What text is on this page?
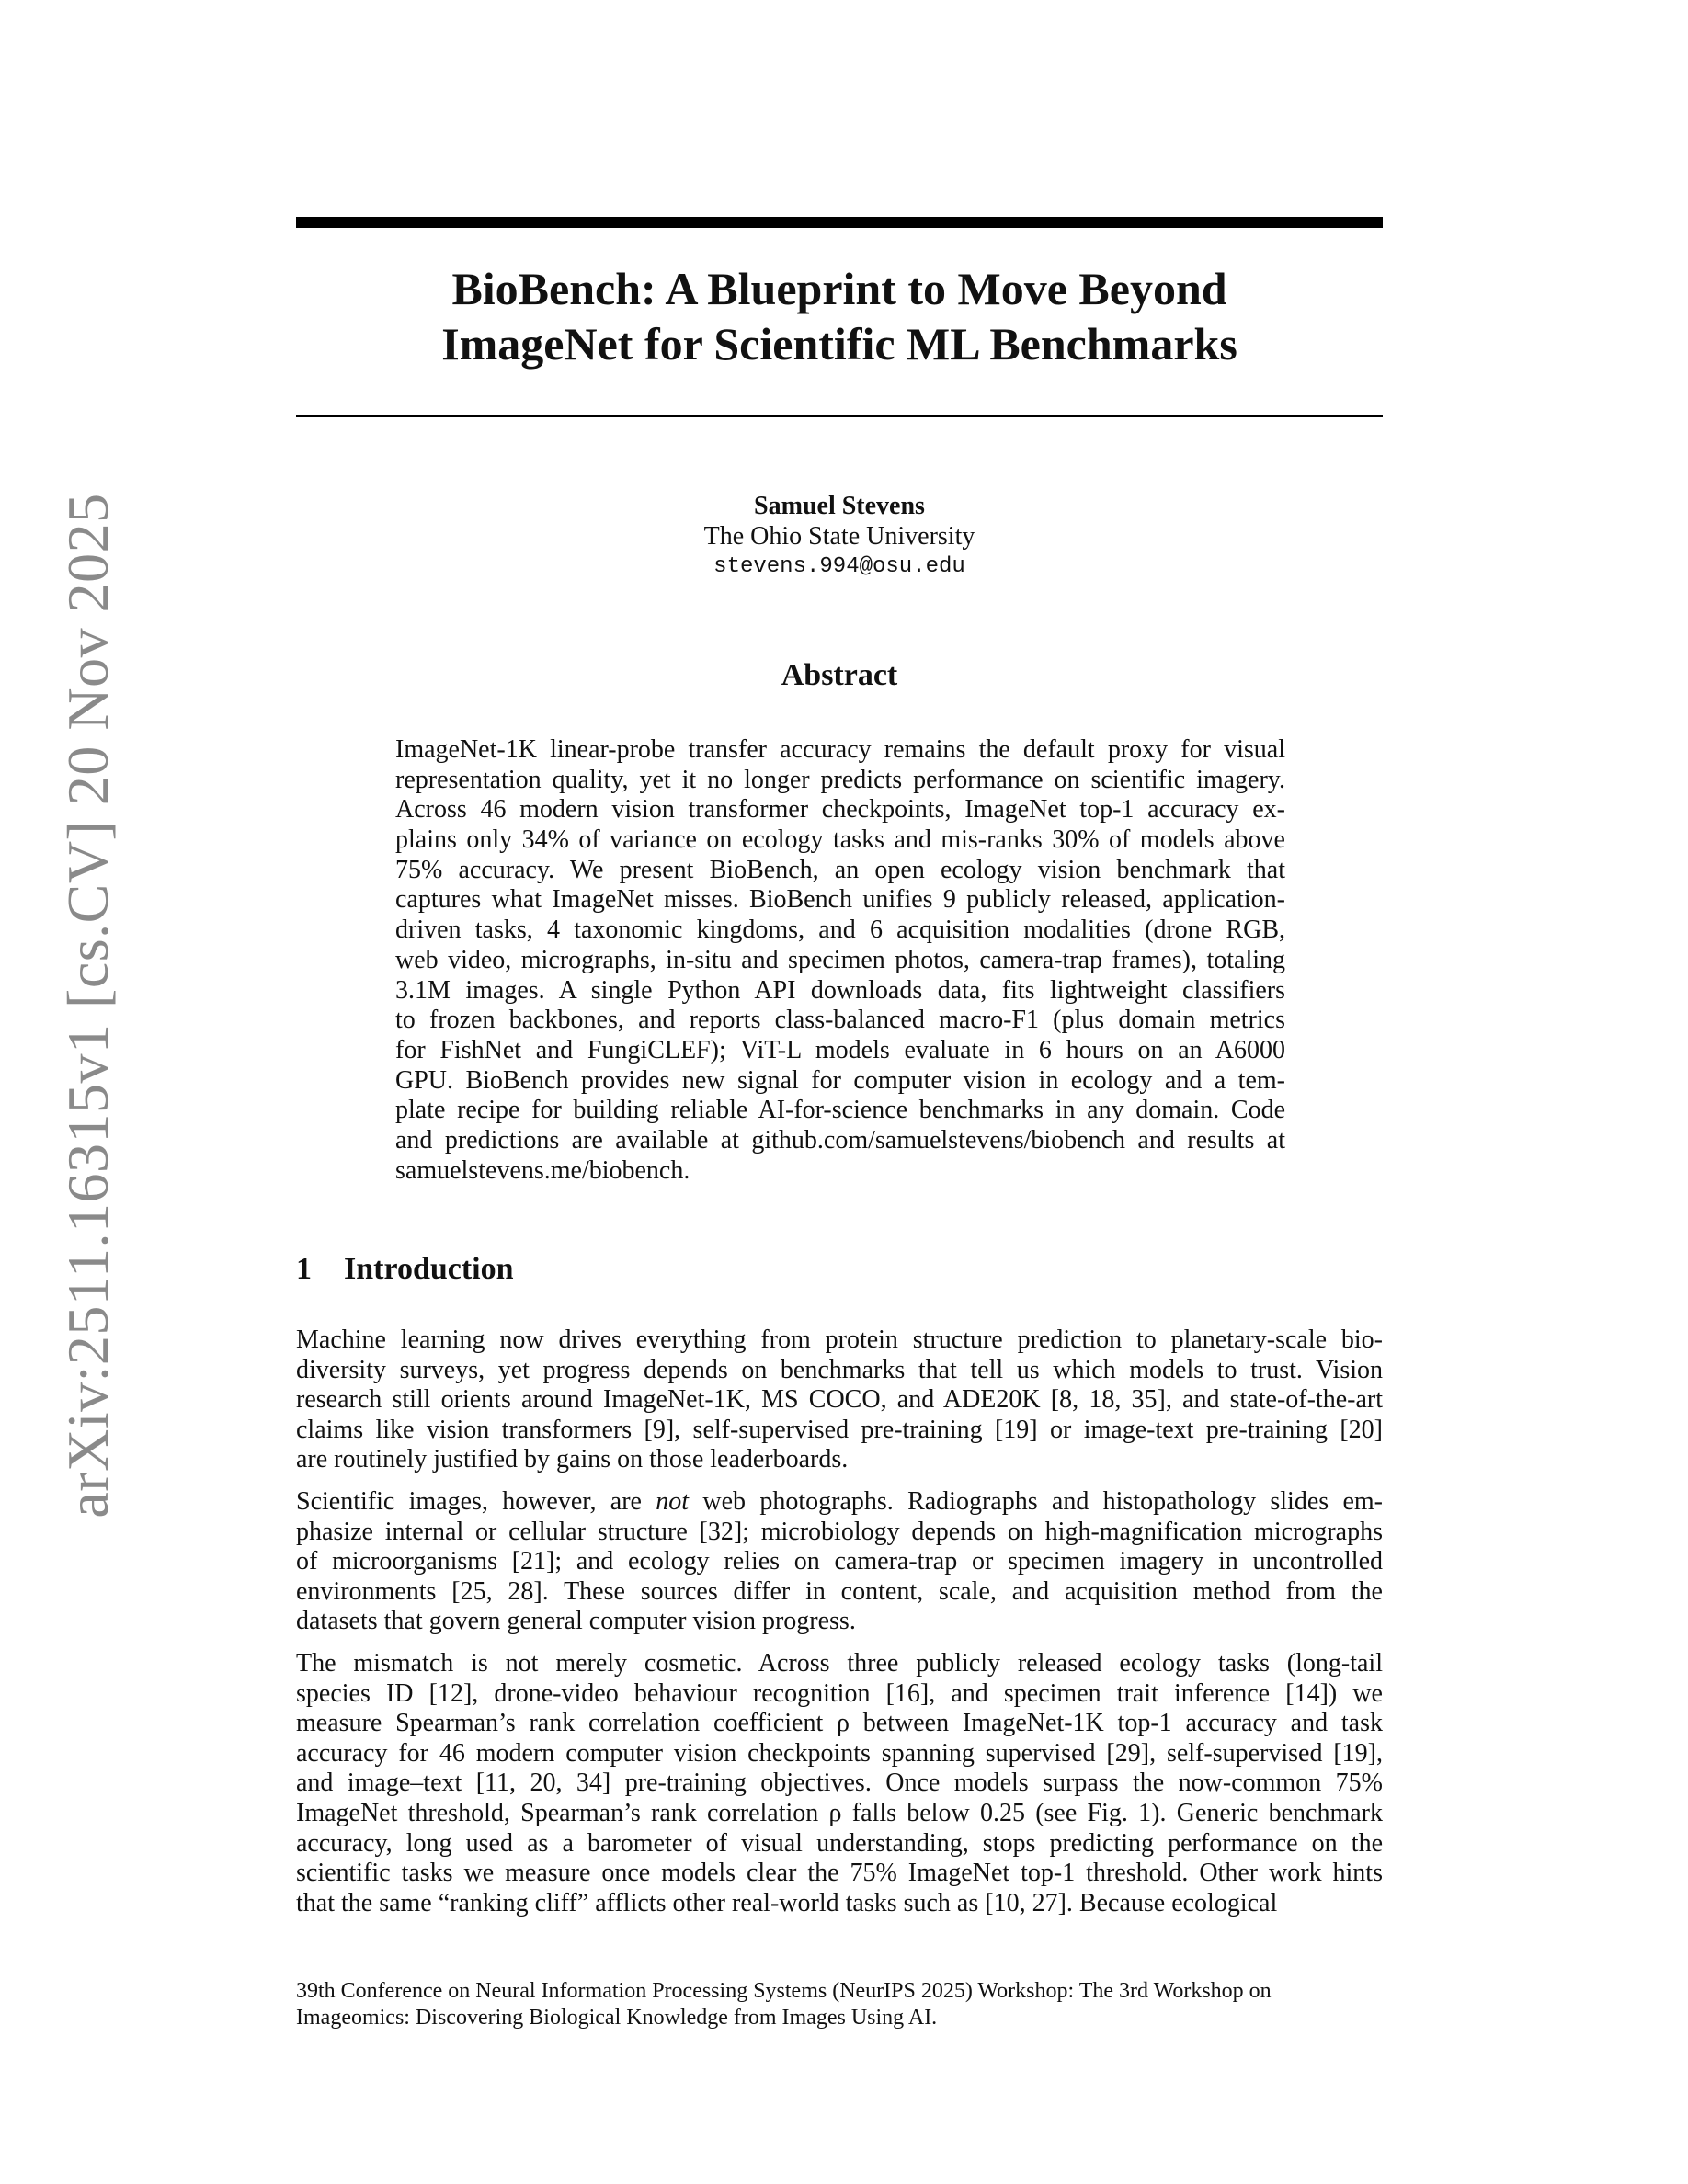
arXiv:2511.16315v1 [cs.CV] 20 Nov 2025
BioBench: A Blueprint to Move Beyond
ImageNet for Scientific ML Benchmarks
Samuel Stevens
The Ohio State University
stevens.994@osu.edu
Abstract
ImageNet-1K linear-probe transfer accuracy remains the default proxy for visual
representation quality, yet it no longer predicts performance on scientific imagery.
Across 46 modern vision transformer checkpoints, ImageNet top-1 accuracy ex-
plains only 34% of variance on ecology tasks and mis-ranks 30% of models above
75% accuracy. We present BioBench, an open ecology vision benchmark that
captures what ImageNet misses. BioBench unifies 9 publicly released, application-
driven tasks, 4 taxonomic kingdoms, and 6 acquisition modalities (drone RGB,
web video, micrographs, in-situ and specimen photos, camera-trap frames), totaling
3.1M images. A single Python API downloads data, fits lightweight classifiers
to frozen backbones, and reports class-balanced macro-F1 (plus domain metrics
for FishNet and FungiCLEF); ViT-L models evaluate in 6 hours on an A6000
GPU. BioBench provides new signal for computer vision in ecology and a tem-
plate recipe for building reliable AI-for-science benchmarks in any domain. Code
and predictions are available at github.com/samuelstevens/biobench and results at
samuelstevens.me/biobench.
1 Introduction
Machine learning now drives everything from protein structure prediction to planetary-scale bio-
diversity surveys, yet progress depends on benchmarks that tell us which models to trust. Vision
research still orients around ImageNet-1K, MS COCO, and ADE20K [8, 18, 35], and state-of-the-art
claims like vision transformers [9], self-supervised pre-training [19] or image-text pre-training [20]
are routinely justified by gains on those leaderboards.
Scientific images, however, are not web photographs. Radiographs and histopathology slides em-
phasize internal or cellular structure [32]; microbiology depends on high-magnification micrographs
of microorganisms [21]; and ecology relies on camera-trap or specimen imagery in uncontrolled
environments [25, 28]. These sources differ in content, scale, and acquisition method from the
datasets that govern general computer vision progress.
The mismatch is not merely cosmetic. Across three publicly released ecology tasks (long-tail
species ID [12], drone-video behaviour recognition [16], and specimen trait inference [14]) we
measure Spearman’s rank correlation coefficient ρ between ImageNet-1K top-1 accuracy and task
accuracy for 46 modern computer vision checkpoints spanning supervised [29], self-supervised [19],
and image–text [11, 20, 34] pre-training objectives. Once models surpass the now-common 75%
ImageNet threshold, Spearman’s rank correlation ρ falls below 0.25 (see Fig. 1). Generic benchmark
accuracy, long used as a barometer of visual understanding, stops predicting performance on the
scientific tasks we measure once models clear the 75% ImageNet top-1 threshold. Other work hints
that the same “ranking cliff” afflicts other real-world tasks such as [10, 27]. Because ecological
39th Conference on Neural Information Processing Systems (NeurIPS 2025) Workshop: The 3rd Workshop on
Imageomics: Discovering Biological Knowledge from Images Using AI.
